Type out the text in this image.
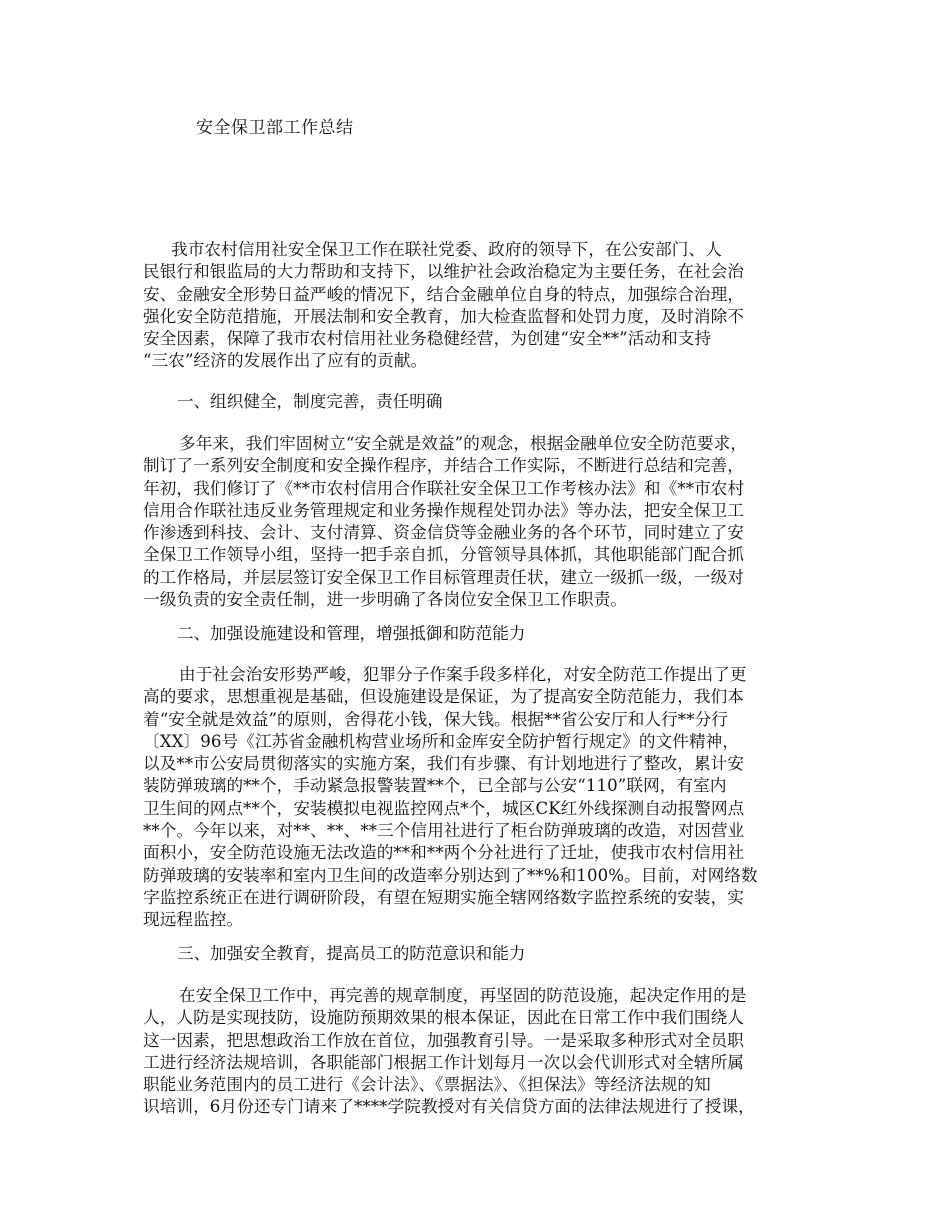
安全保卫部工作总结
我市农村信用社安全保卫工作在联社党委、政府的领导下，在公安部门、人
民银行和银监局的大力帮助和支持下，以维护社会政治稳定为主要任务，在社会治
安、金融安全形势日益严峻的情况下，结合金融单位自身的特点，加强综合治理，
强化安全防范措施，开展法制和安全教育，加大检查监督和处罚力度，及时消除不
安全因素，保障了我市农村信用社业务稳健经营，为创建“安全**”活动和支持
“三农”经济的发展作出了应有的贡献。
一、组织健全，制度完善，责任明确
多年来，我们牢固树立“安全就是效益”的观念，根据金融单位安全防范要求，
制订了一系列安全制度和安全操作程序，并结合工作实际，不断进行总结和完善，
年初，我们修订了《**市农村信用合作联社安全保卫工作考核办法》和《**市农村
信用合作联社违反业务管理规定和业务操作规程处罚办法》等办法，把安全保卫工
作渗透到科技、会计、支付清算、资金信贷等金融业务的各个环节，同时建立了安
全保卫工作领导小组，坚持一把手亲自抓，分管领导具体抓，其他职能部门配合抓
的工作格局，并层层签订安全保卫工作目标管理责任状，建立一级抓一级，一级对
一级负责的安全责任制，进一步明确了各岗位安全保卫工作职责。
二、加强设施建设和管理，增强抵御和防范能力
由于社会治安形势严峻，犯罪分子作案手段多样化，对安全防范工作提出了更
高的要求，思想重视是基础，但设施建设是保证，为了提高安全防范能力，我们本
着“安全就是效益”的原则，舍得花小钱，保大钱。根据**省公安厅和人行**分行
〔XX〕96号《江苏省金融机构营业场所和金库安全防护暂行规定》的文件精神，
以及**市公安局贯彻落实的实施方案，我们有步骤、有计划地进行了整改，累计安
装防弹玻璃的**个，手动紧急报警装置**个，已全部与公安“110”联网，有室内
卫生间的网点**个，安装模拟电视监控网点*个，城区CK红外线探测自动报警网点
**个。今年以来，对**、**、**三个信用社进行了柜台防弹玻璃的改造，对因营业
面积小，安全防范设施无法改造的**和**两个分社进行了迁址，使我市农村信用社
防弹玻璃的安装率和室内卫生间的改造率分别达到了**%和100%。目前，对网络数
字监控系统正在进行调研阶段，有望在短期实施全辖网络数字监控系统的安装，实
现远程监控。
三、加强安全教育，提高员工的防范意识和能力
在安全保卫工作中，再完善的规章制度，再坚固的防范设施，起决定作用的是
人，人防是实现技防，设施防预期效果的根本保证，因此在日常工作中我们围绕人
这一因素，把思想政治工作放在首位，加强教育引导。一是采取多种形式对全员职
工进行经济法规培训，各职能部门根据工作计划每月一次以会代训形式对全辖所属
职能业务范围内的员工进行《会计法》、《票据法》、《担保法》等经济法规的知
识培训，6月份还专门请来了****学院教授对有关信贷方面的法律法规进行了授课，
